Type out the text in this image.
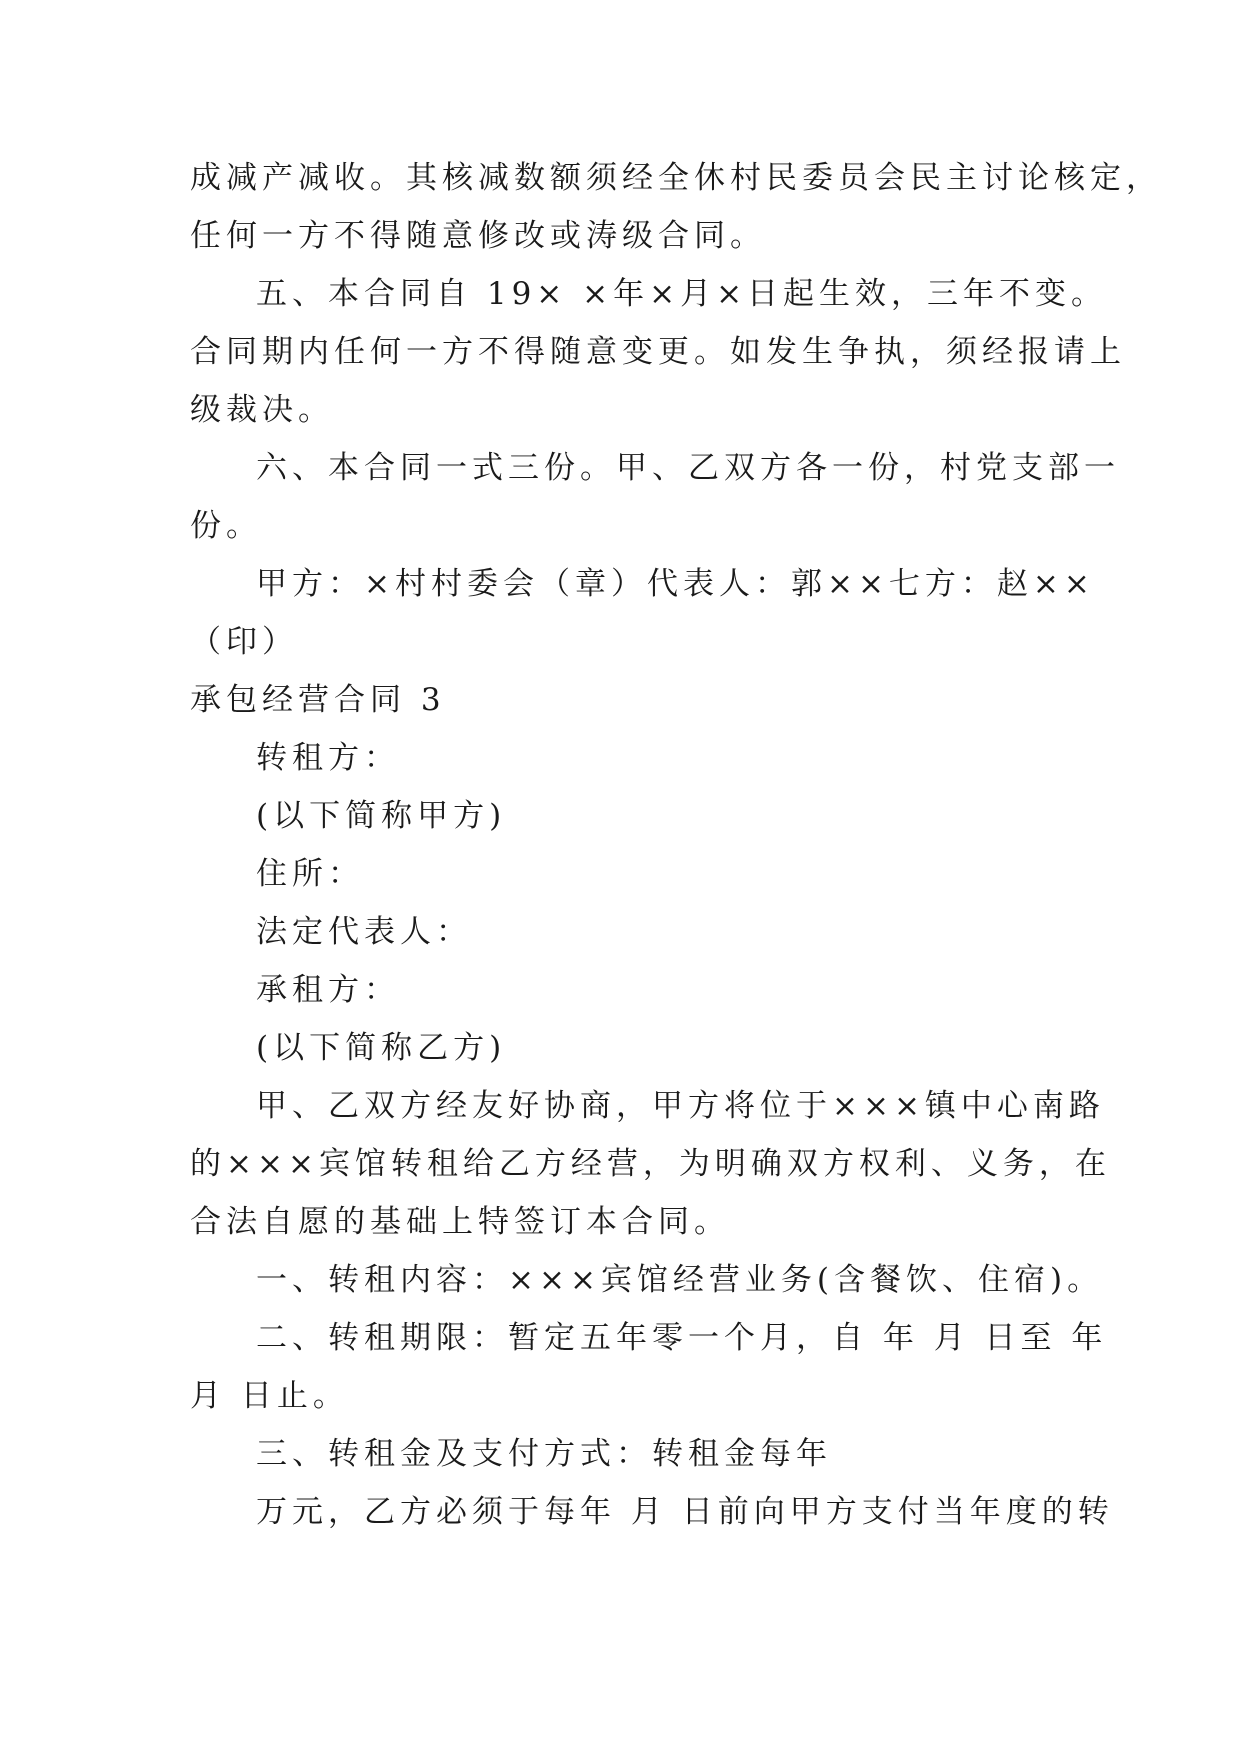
成减产减收。其核减数额须经全休村民委员会民主讨论核定，
任何一方不得随意修改或涛级合同。
五、本合同自 19× ×年×月×日起生效，三年不变。
合同期内任何一方不得随意变更。如发生争执，须经报请上
级裁决。
六、本合同一式三份。甲、乙双方各一份，村党支部一
份。
甲方：×村村委会（章）代表人：郭××七方：赵××
（印）
承包经营合同 3
转租方：
(以下简称甲方)
住所：
法定代表人：
承租方：
(以下简称乙方)
甲、乙双方经友好协商，甲方将位于×××镇中心南路
的×××宾馆转租给乙方经营，为明确双方权利、义务，在
合法自愿的基础上特签订本合同。
一、转租内容：×××宾馆经营业务(含餐饮、住宿)。
二、转租期限：暂定五年零一个月，自 年 月 日至 年
月 日止。
三、转租金及支付方式：转租金每年
万元，乙方必须于每年 月 日前向甲方支付当年度的转
